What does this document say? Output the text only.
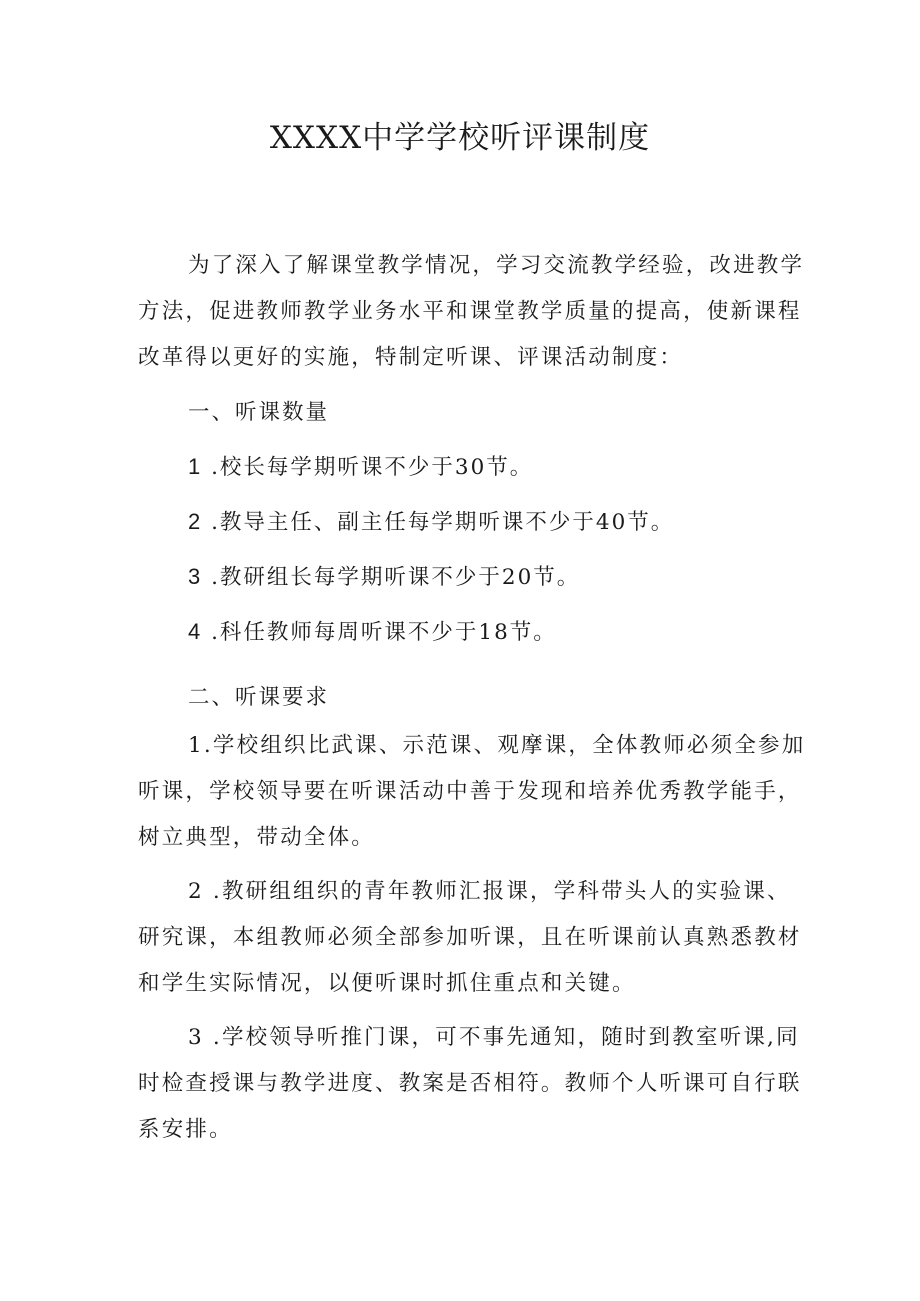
XXXX中学学校听评课制度
为了深入了解课堂教学情况，学习交流教学经验，改进教学
方法，促进教师教学业务水平和课堂教学质量的提高，使新课程
改革得以更好的实施，特制定听课、评课活动制度：
一、听课数量
1 .校长每学期听课不少于30节。
2 .教导主任、副主任每学期听课不少于40节。
3 .教研组长每学期听课不少于20节。
4 .科任教师每周听课不少于18节。
二、听课要求
1.学校组织比武课、示范课、观摩课，全体教师必须全参加
听课，学校领导要在听课活动中善于发现和培养优秀教学能手，
树立典型，带动全体。
2 .教研组组织的青年教师汇报课，学科带头人的实验课、
研究课，本组教师必须全部参加听课，且在听课前认真熟悉教材
和学生实际情况，以便听课时抓住重点和关键。
3 .学校领导听推门课，可不事先通知，随时到教室听课,同
时检查授课与教学进度、教案是否相符。教师个人听课可自行联
系安排。
